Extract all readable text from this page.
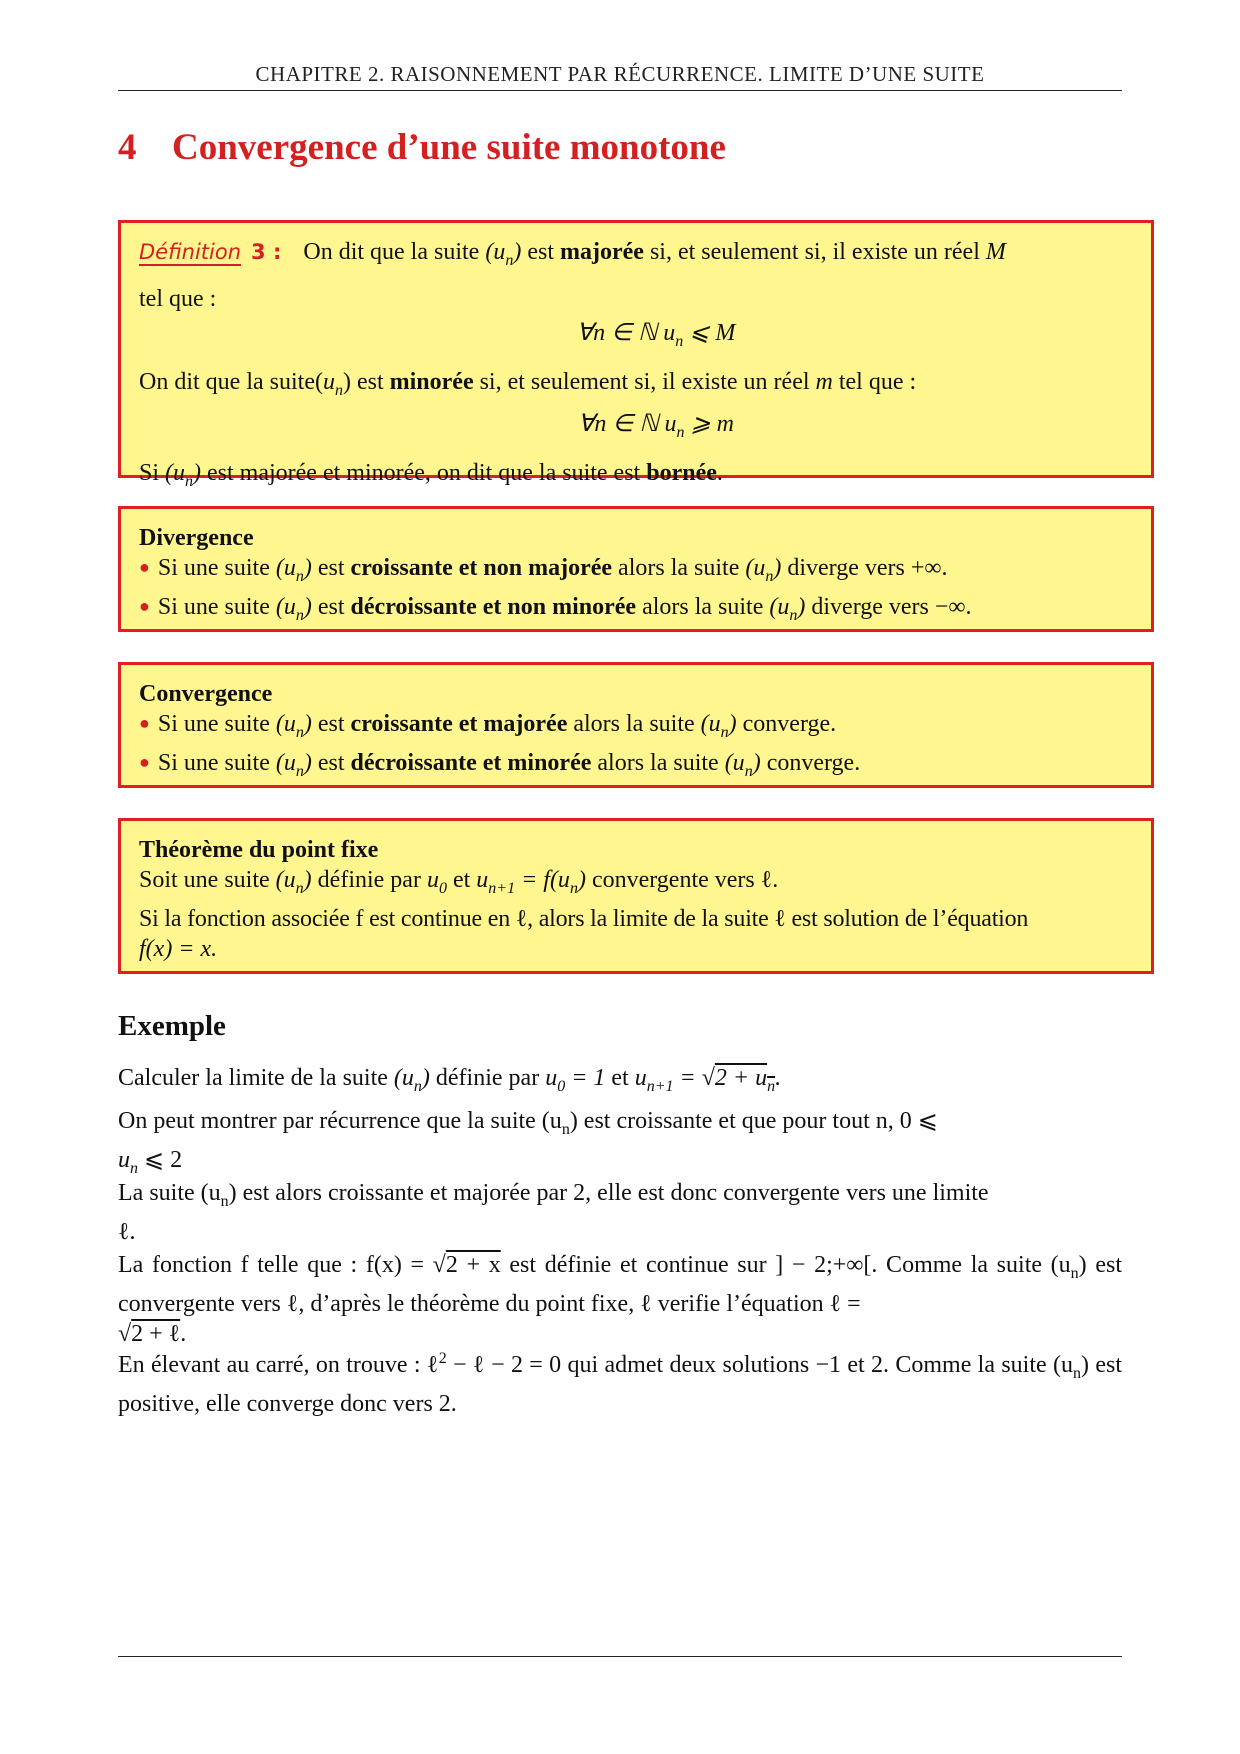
CHAPITRE 2. RAISONNEMENT PAR RÉCURRENCE. LIMITE D’UNE SUITE
4 Convergence d’une suite monotone

Définition 3 : On dit que la suite $(u_n)$ est majorée si, et seulement si, il existe un réel M

tel que :

∀n ∈ ℕ $u_n$ ⩽ M

On dit que la $suite(u_n)$ est minorée si, et seulement si, il existe un réel m tel que :

∀n ∈ ℕ $u_n$ ⩾ m

Si $(u_n)$ est majorée et minorée, on dit que la suite est bornée.

Divergence

● Si une suite $(u_n)$ est croissante et non majorée alors la suite $(u_n)$ diverge vers +∞.

● Si une suite $(u_n)$ est décroissante et non minorée alors la suite $(u_n)$ diverge vers −∞.

Convergence

● Si une suite $(u_n)$ est croissante et majorée alors la suite $(u_n)$ converge.

● Si une suite $(u_n)$ est décroissante et minorée alors la suite $(u_n)$ converge.

Théorème du point fixe

Soit une suite $(u_n)$ définie par $u_0$ et $u_{n+1} = f(u_n)$ convergente vers ℓ.

Si la fonction associée f est continue en ℓ, alors la limite de la suite ℓ est solution de l’équation

f(x) = x.

Exemple
Calculer la limite de la suite $(u_n)$ définie par $u_0 = 1$ et $u_{n+1} = √2 + u_n$.
On peut montrer par récurrence que la suite $(u_n)$ est croissante et que pour tout n, 0 ⩽
$u_n$ ⩽ 2
La suite $(u_n)$ est alors croissante et majorée par 2, elle est donc convergente vers une limite
ℓ.
La fonction f telle que : f(x) = √2 + x est définie et continue sur ] − 2;+∞[. Comme la suite $(u_n)$ est convergente vers ℓ, d’après le théorème du point fixe, ℓ verifie l’équation ℓ =
√2 + ℓ.
En élevant au carré, on trouve : ℓ$^2$ − ℓ − 2 = 0 qui admet deux solutions −1 et 2. Comme la suite $(u_n)$ est positive, elle converge donc vers 2.
